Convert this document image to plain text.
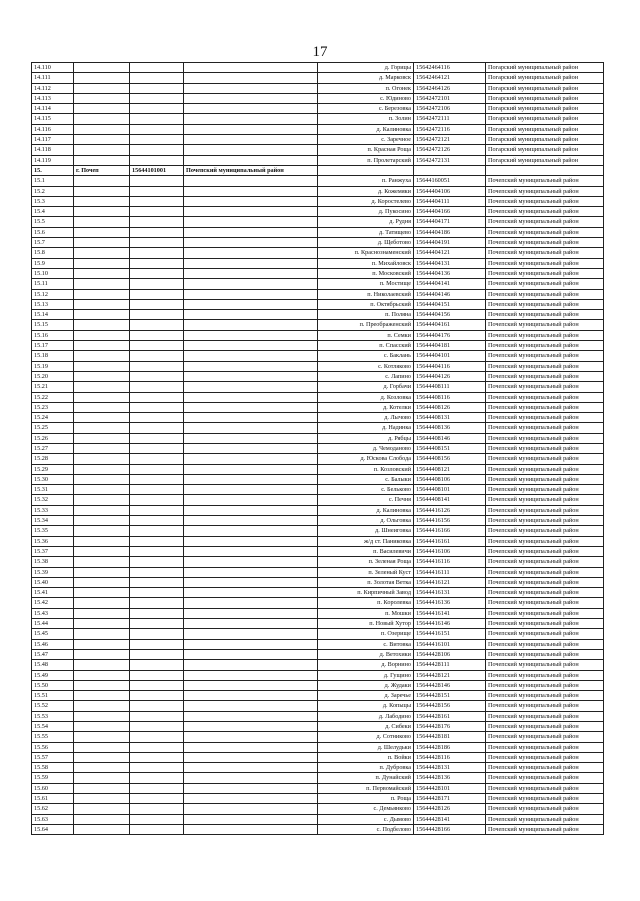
17
14.110				д. Горицы	15642464116	Погарский муниципальный район
14.111				д. Марковск	15642464121	Погарский муниципальный район
14.112				п. Огонек	15642464126	Погарский муниципальный район
14.113				с. Юдиново	15642472101	Погарский муниципальный район
14.114				с. Березовка	15642472106	Погарский муниципальный район
14.115				п. Золин	15642472111	Погарский муниципальный район
14.116				д. Калиновка	15642472116	Погарский муниципальный район
14.117				с. Заречное	15642472121	Погарский муниципальный район
14.118				п. Красная Роща	15642472126	Погарский муниципальный район
14.119				п. Пролетарский	15642472131	Погарский муниципальный район
15.	г. Почеп	15644101001	Почепский муниципальный район			
15.1				п. Ранжуха	15644160051	Почепский муниципальный район
15.2				д. Кожемяки	15644404106	Почепский муниципальный район
15.3				д. Коростелево	15644404111	Почепский муниципальный район
15.4				д. Пукосино	15644404166	Почепский муниципальный район
15.5				д. Рудня	15644404171	Почепский муниципальный район
15.6				д. Татищево	15644404186	Почепский муниципальный район
15.7				д. Щеботово	15644404191	Почепский муниципальный район
15.8				п. Краснознаменский	15644404121	Почепский муниципальный район
15.9				п. Михайловск	15644404131	Почепский муниципальный район
15.10				п. Московский	15644404136	Почепский муниципальный район
15.11				п. Мостище	15644404141	Почепский муниципальный район
15.12				п. Николаевский	15644404146	Почепский муниципальный район
15.13				п. Октябрьский	15644404151	Почепский муниципальный район
15.14				п. Поляна	15644404156	Почепский муниципальный район
15.15				п. Преображенский	15644404161	Почепский муниципальный район
15.16				п. Семки	15644404176	Почепский муниципальный район
15.17				п. Спасский	15644404181	Почепский муниципальный район
15.18				с. Баклань	15644404101	Почепский муниципальный район
15.19				с. Котляково	15644404116	Почепский муниципальный район
15.20				с. Лапино	15644404126	Почепский муниципальный район
15.21				д. Горбачи	15644408111	Почепский муниципальный район
15.22				д. Козловка	15644408116	Почепский муниципальный район
15.23				д. Котелки	15644408126	Почепский муниципальный район
15.24				д. Лычово	15644408131	Почепский муниципальный район
15.25				д. Надинка	15644408136	Почепский муниципальный район
15.26				д. Рябцы	15644408146	Почепский муниципальный район
15.27				д. Чемоданово	15644408151	Почепский муниципальный район
15.28				д. Юскова Слобода	15644408156	Почепский муниципальный район
15.29				п. Козловский	15644408121	Почепский муниципальный район
15.30				с. Балыки	15644408106	Почепский муниципальный район
15.31				с. Бельково	15644408101	Почепский муниципальный район
15.32				с. Печня	15644408141	Почепский муниципальный район
15.33				д. Калиновка	15644416126	Почепский муниципальный район
15.34				д. Ольговка	15644416156	Почепский муниципальный район
15.35				д. Шнеиговка	15644416166	Почепский муниципальный район
15.36				ж/д ст. Паниковка	15644416161	Почепский муниципальный район
15.37				п. Василевичи	15644416106	Почепский муниципальный район
15.38				п. Зеленая Роща	15644416116	Почепский муниципальный район
15.39				п. Зеленый Куст	15644416111	Почепский муниципальный район
15.40				п. Золотая Ветка	15644416121	Почепский муниципальный район
15.41				п. Кирпичный Завод	15644416131	Почепский муниципальный район
15.42				п. Королевка	15644416136	Почепский муниципальный район
15.43				п. Мошки	15644416141	Почепский муниципальный район
15.44				п. Новый Хутор	15644416146	Почепский муниципальный район
15.45				п. Озерище	15644416151	Почепский муниципальный район
15.46				с. Витовка	15644416101	Почепский муниципальный район
15.47				д. Ветохики	15644428106	Почепский муниципальный район
15.48				д. Ворнино	15644428111	Почепский муниципальный район
15.49				д. Гущино	15644428121	Почепский муниципальный район
15.50				д. Жудаки	15644428146	Почепский муниципальный район
15.51				д. Заречье	15644428151	Почепский муниципальный район
15.52				д. Копыцы	15644428156	Почепский муниципальный район
15.53				д. Лабодино	15644428161	Почепский муниципальный район
15.54				д. Сибеки	15644428176	Почепский муниципальный район
15.55				д. Сотниково	15644428181	Почепский муниципальный район
15.56				д. Шелудьки	15644428186	Почепский муниципальный район
15.57				п. Войки	15644428116	Почепский муниципальный район
15.58				п. Дубровка	15644428131	Почепский муниципальный район
15.59				п. Дунайский	15644428136	Почепский муниципальный район
15.60				п. Первомайский	15644428101	Почепский муниципальный район
15.61				п. Роща	15644428171	Почепский муниципальный район
15.62				с. Демьянково	15644428126	Почепский муниципальный район
15.63				с. Дымово	15644428141	Почепский муниципальный район
15.64				с. Подбелово	15644428166	Почепский муниципальный район
